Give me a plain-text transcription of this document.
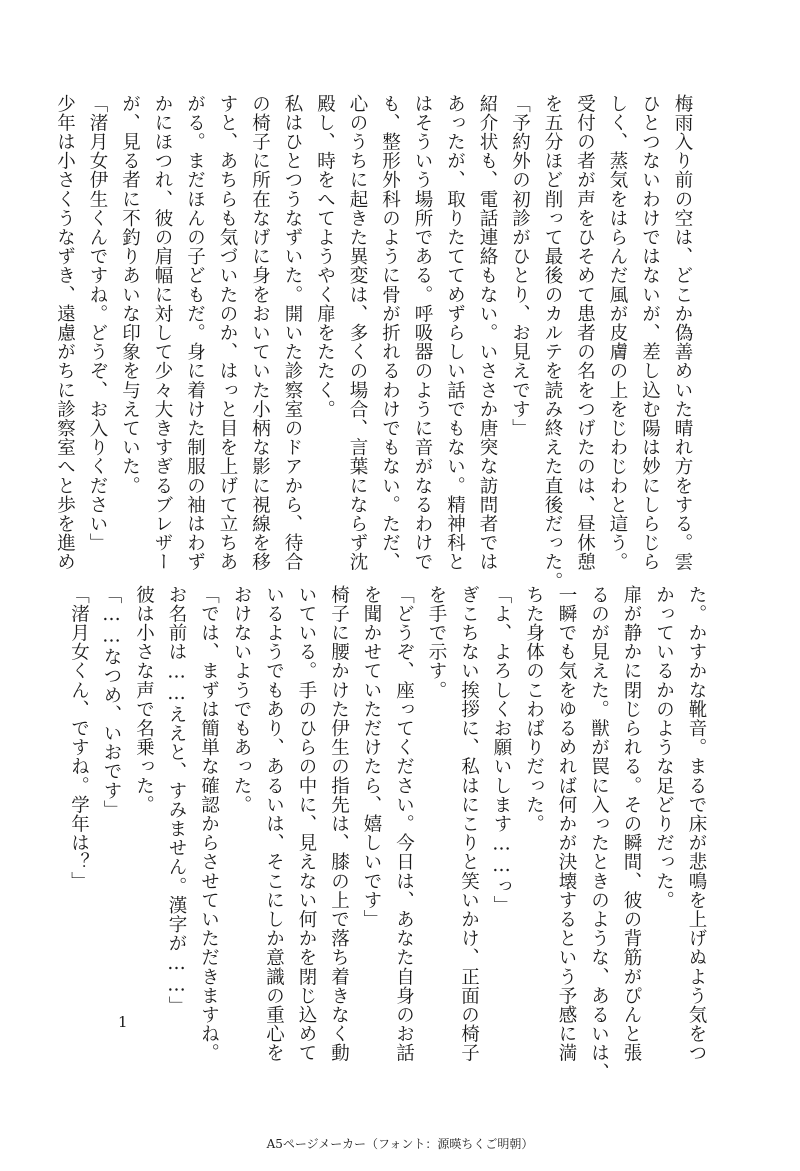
梅雨入り前の空は、どこか偽善めいた晴れ方をする。雲
ひとつないわけではないが、差し込む陽は妙にしらじら
しく、蒸気をはらんだ風が皮膚の上をじわじわと這う。
受付の者が声をひそめて患者の名をつげたのは、昼休憩
を五分ほど削って最後のカルテを読み終えた直後だった。
「予約外の初診がひとり、お見えです」
紹介状も、電話連絡もない。いささか唐突な訪問者では
あったが、取りたててめずらしい話でもない。精神科と
はそういう場所である。呼吸器のように音がなるわけで
も、整形外科のように骨が折れるわけでもない。ただ、
心のうちに起きた異変は、多くの場合、言葉にならず沈
殿し、時をへてようやく扉をたたく。
私はひとつうなずいた。開いた診察室のドアから、待合
の椅子に所在なげに身をおいていた小柄な影に視線を移
すと、あちらも気づいたのか、はっと目を上げて立ちあ
がる。まだほんの子どもだ。身に着けた制服の袖はわず
かにほつれ、彼の肩幅に対して少々大きすぎるブレザー
が、見る者に不釣りあいな印象を与えていた。
「渚月女伊生くんですね。どうぞ、お入りください」
少年は小さくうなずき、遠慮がちに診察室へと歩を進め
た。かすかな靴音。まるで床が悲鳴を上げぬよう気をつ
かっているかのような足どりだった。
扉が静かに閉じられる。その瞬間、彼の背筋がぴんと張
るのが見えた。獣が罠に入ったときのような、あるいは、
一瞬でも気をゆるめれば何かが決壊するという予感に満
ちた身体のこわばりだった。
「よ、よろしくお願いします……っ」
ぎこちない挨拶に、私はにこりと笑いかけ、正面の椅子
を手で示す。
「どうぞ、座ってください。今日は、あなた自身のお話
を聞かせていただけたら、嬉しいです」
椅子に腰かけた伊生の指先は、膝の上で落ち着きなく動
いている。手のひらの中に、見えない何かを閉じ込めて
いるようでもあり、あるいは、そこにしか意識の重心を
おけないようでもあった。
「では、まずは簡単な確認からさせていただきますね。
お名前は……ええと、すみません。漢字が……」
彼は小さな声で名乗った。
「……なつめ、いおです」
「渚月女くん、ですね。学年は？」
1
A5ページメーカー（フォント：源暎ちくご明朝）
